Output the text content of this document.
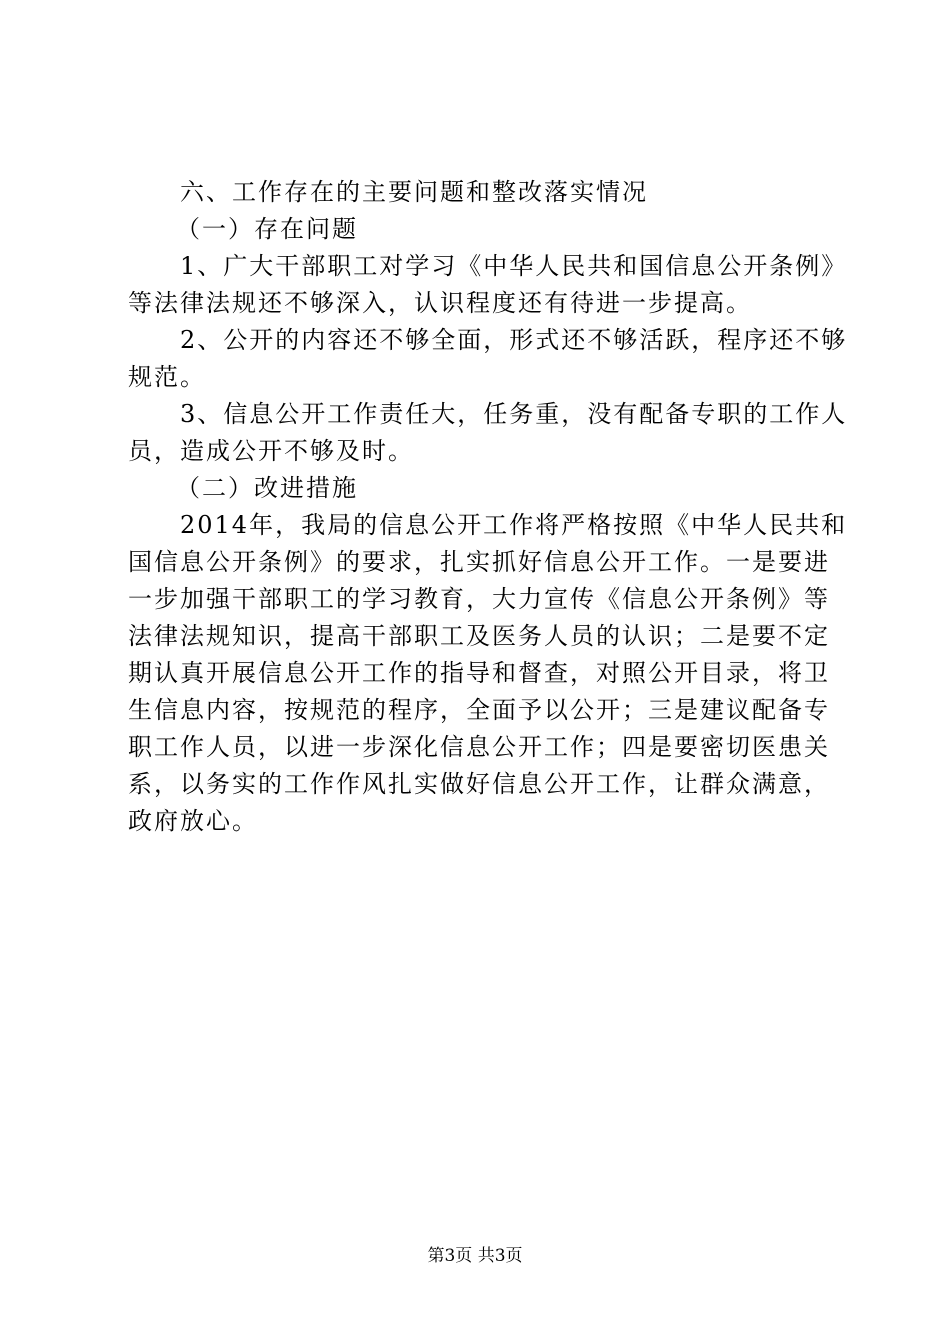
六、工作存在的主要问题和整改落实情况
（一）存在问题
1、广大干部职工对学习《中华人民共和国信息公开条例》
等法律法规还不够深入，认识程度还有待进一步提高。
2、公开的内容还不够全面，形式还不够活跃，程序还不够
规范。
3、信息公开工作责任大，任务重，没有配备专职的工作人
员，造成公开不够及时。
（二）改进措施
2014年，我局的信息公开工作将严格按照《中华人民共和
国信息公开条例》的要求，扎实抓好信息公开工作。一是要进
一步加强干部职工的学习教育，大力宣传《信息公开条例》等
法律法规知识，提高干部职工及医务人员的认识；二是要不定
期认真开展信息公开工作的指导和督查，对照公开目录，将卫
生信息内容，按规范的程序，全面予以公开；三是建议配备专
职工作人员，以进一步深化信息公开工作；四是要密切医患关
系，以务实的工作作风扎实做好信息公开工作，让群众满意，
政府放心。
第3页 共3页
